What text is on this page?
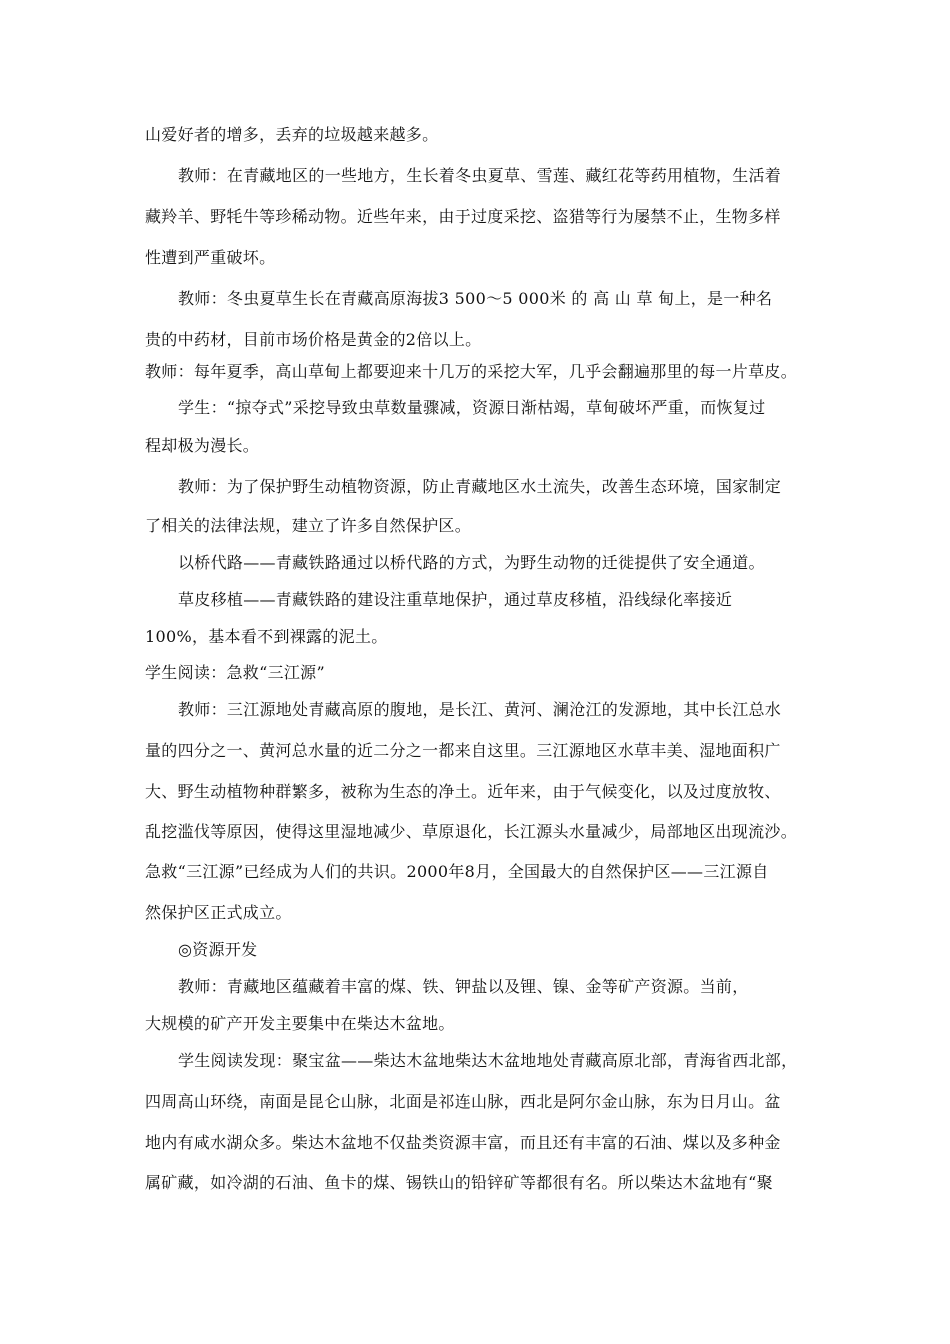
山爱好者的增多，丢弃的垃圾越来越多。
教师：在青藏地区的一些地方，生长着冬虫夏草、雪莲、藏红花等药用植物，生活着
藏羚羊、野牦牛等珍稀动物。近些年来，由于过度采挖、盗猎等行为屡禁不止，生物多样
性遭到严重破坏。
教师：冬虫夏草生长在青藏高原海拔3 500～5 000米 的 高 山 草 甸上，是一种名
贵的中药材，目前市场价格是黄金的2倍以上。
教师：每年夏季，高山草甸上都要迎来十几万的采挖大军，几乎会翻遍那里的每一片草皮。
学生：“掠夺式”采挖导致虫草数量骤减，资源日渐枯竭，草甸破坏严重，而恢复过
程却极为漫长。
教师：为了保护野生动植物资源，防止青藏地区水土流失，改善生态环境，国家制定
了相关的法律法规，建立了许多自然保护区。
以桥代路——青藏铁路通过以桥代路的方式，为野生动物的迁徙提供了安全通道。
草皮移植——青藏铁路的建设注重草地保护，通过草皮移植，沿线绿化率接近
100%，基本看不到裸露的泥土。
学生阅读：急救“三江源”
教师：三江源地处青藏高原的腹地，是长江、黄河、澜沧江的发源地，其中长江总水
量的四分之一、黄河总水量的近二分之一都来自这里。三江源地区水草丰美、湿地面积广
大、野生动植物种群繁多，被称为生态的净土。近年来，由于气候变化，以及过度放牧、
乱挖滥伐等原因，使得这里湿地减少、草原退化，长江源头水量减少，局部地区出现流沙。
急救“三江源”已经成为人们的共识。2000年8月，全国最大的自然保护区——三江源自
然保护区正式成立。
◎资源开发
教师：青藏地区蕴藏着丰富的煤、铁、钾盐以及锂、镍、金等矿产资源。当前，
大规模的矿产开发主要集中在柴达木盆地。
学生阅读发现：聚宝盆——柴达木盆地柴达木盆地地处青藏高原北部，青海省西北部，
四周高山环绕，南面是昆仑山脉，北面是祁连山脉，西北是阿尔金山脉，东为日月山。盆
地内有咸水湖众多。柴达木盆地不仅盐类资源丰富，而且还有丰富的石油、煤以及多种金
属矿藏，如冷湖的石油、鱼卡的煤、锡铁山的铅锌矿等都很有名。所以柴达木盆地有“聚
